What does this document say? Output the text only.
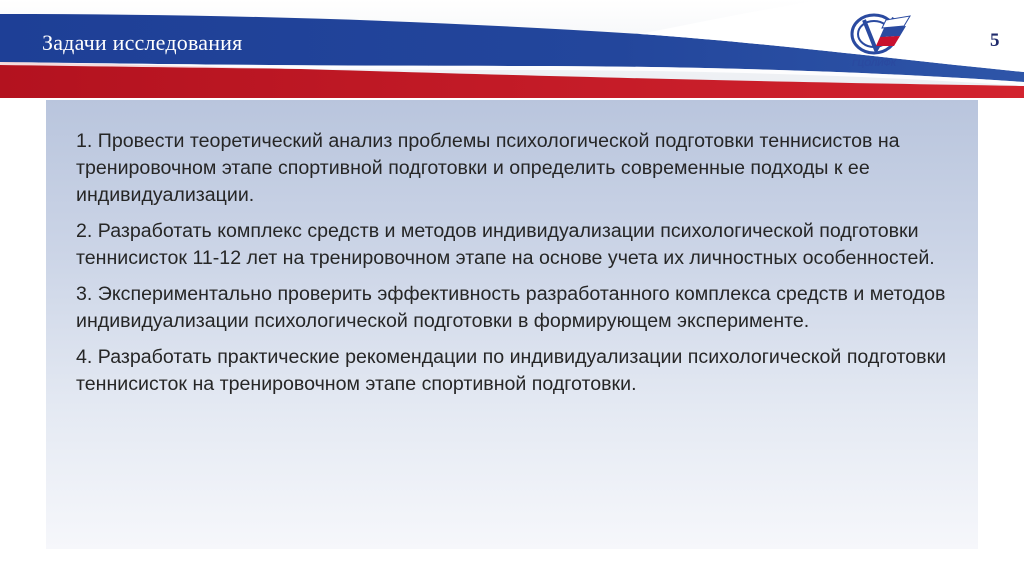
Задачи исследования
ГЦОЛИФК
5

1. Провести теоретический анализ проблемы психологической подготовки теннисистов на тренировочном этапе спортивной подготовки и определить современные подходы к ее индивидуализации.

2. Разработать комплекс средств и методов индивидуализации психологической подготовки теннисисток 11-12 лет на тренировочном этапе на основе учета их личностных особенностей.

3. Экспериментально проверить эффективность разработанного комплекса средств и методов индивидуализации психологической подготовки в формирующем эксперименте.

4. Разработать практические рекомендации по индивидуализации психологической подготовки теннисисток на тренировочном этапе спортивной подготовки.
